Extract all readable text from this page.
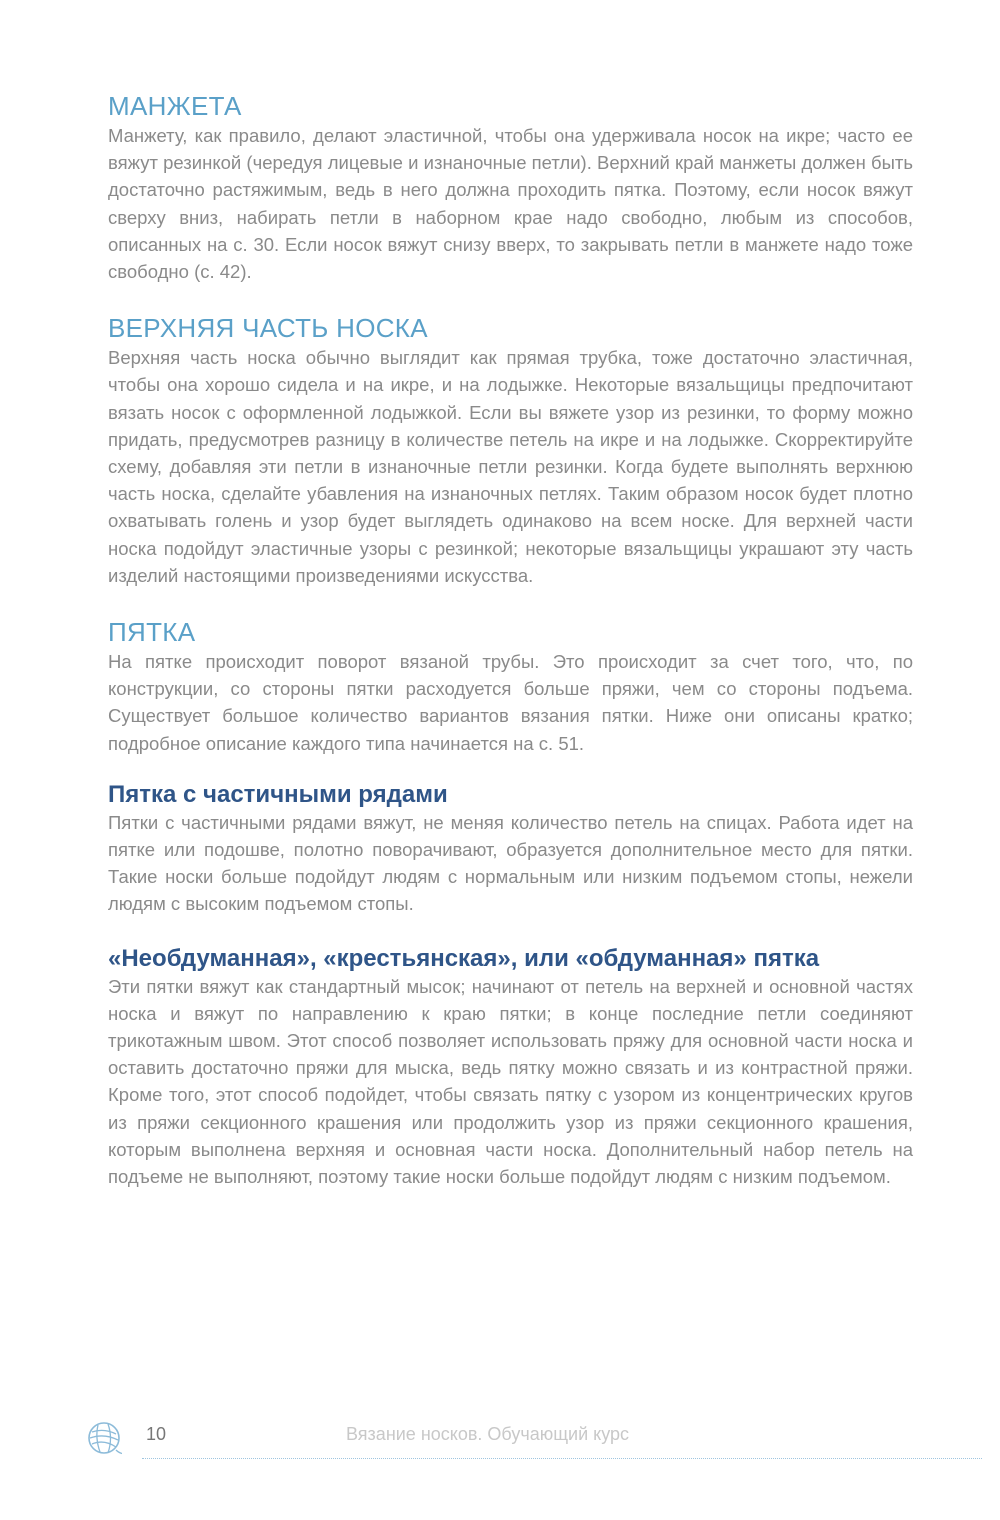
МАНЖЕТА

Манжету, как правило, делают эластичной, чтобы она удерживала носок на икре; часто ее вяжут резинкой (чередуя лицевые и изнаночные петли). Верхний край манжеты должен быть достаточно растяжимым, ведь в него должна проходить пятка. Поэтому, если носок вяжут сверху вниз, набирать петли в наборном крае надо свободно, любым из способов, описанных на с. 30. Если носок вяжут снизу вверх, то закрывать петли в манжете надо тоже свободно (с. 42).

ВЕРХНЯЯ ЧАСТЬ НОСКА

Верхняя часть носка обычно выглядит как прямая трубка, тоже достаточно эластичная, чтобы она хорошо сидела и на икре, и на лодыжке. Некоторые вязальщицы предпочитают вязать носок с оформленной лодыжкой. Если вы вяжете узор из резинки, то форму можно придать, предусмотрев разницу в количестве петель на икре и на лодыжке. Скорректируйте схему, добавляя эти петли в изнаночные петли резинки. Когда будете выполнять верхнюю часть носка, сделайте убавления на изнаночных петлях. Таким образом носок будет плотно охватывать голень и узор будет выглядеть одинаково на всем носке. Для верхней части носка подойдут эластичные узоры с резинкой; некоторые вязальщицы украшают эту часть изделий настоящими произведениями искусства.

ПЯТКА

На пятке происходит поворот вязаной трубы. Это происходит за счет того, что, по конструкции, со стороны пятки расходуется больше пряжи, чем со стороны подъема. Существует большое количество вариантов вязания пятки. Ниже они описаны кратко; подробное описание каждого типа начинается на с. 51.

Пятка с частичными рядами

Пятки с частичными рядами вяжут, не меняя количество петель на спицах. Работа идет на пятке или подошве, полотно поворачивают, образуется дополнительное место для пятки. Такие носки больше подойдут людям с нормальным или низким подъемом стопы, нежели людям с высоким подъемом стопы.

«Необдуманная», «крестьянская», или «обдуманная» пятка

Эти пятки вяжут как стандартный мысок; начинают от петель на верхней и основной частях носка и вяжут по направлению к краю пятки; в конце последние петли соединяют трикотажным швом. Этот способ позволяет использовать пряжу для основной части носка и оставить достаточно пряжи для мыска, ведь пятку можно связать и из контрастной пряжи. Кроме того, этот способ подойдет, чтобы связать пятку с узором из концентрических кругов из пряжи секционного крашения или продолжить узор из пряжи секционного крашения, которым выполнена верхняя и основная части носка. Дополнительный набор петель на подъеме не выполняют, поэтому такие носки больше подойдут людям с низким подъемом.

10	Вязание носков. Обучающий курс
